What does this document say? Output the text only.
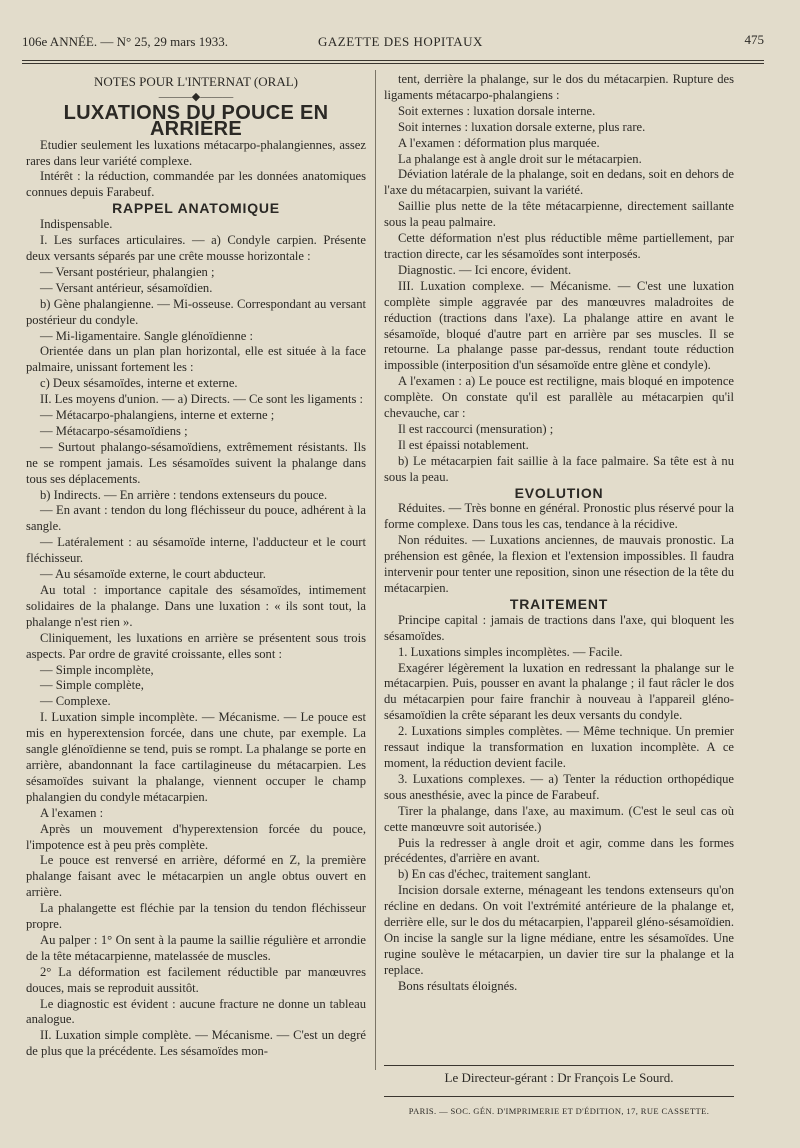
106e ANNÉE. — N° 25, 29 mars 1933.	GAZETTE DES HOPITAUX	475

NOTES POUR L'INTERNAT (ORAL)

———◆———

LUXATIONS DU POUCE EN ARRIÈRE

Etudier seulement les luxations métacarpo-phalangiennes, assez rares dans leur variété complexe.

Intérêt : la réduction, commandée par les données anatomiques connues depuis Farabeuf.

RAPPEL ANATOMIQUE

Indispensable.

I. Les surfaces articulaires. — a) Condyle carpien. Présente deux versants séparés par une crête mousse horizontale :

— Versant postérieur, phalangien ;

— Versant antérieur, sésamoïdien.

b) Gène phalangienne. — Mi-osseuse. Correspondant au versant postérieur du condyle.

— Mi-ligamentaire. Sangle glénoïdienne :

Orientée dans un plan plan horizontal, elle est située à la face palmaire, unissant fortement les :

c) Deux sésamoïdes, interne et externe.

II. Les moyens d'union. — a) Directs. — Ce sont les ligaments :

— Métacarpo-phalangiens, interne et externe ;

— Métacarpo-sésamoïdiens ;

— Surtout phalango-sésamoïdiens, extrêmement résistants. Ils ne se rompent jamais. Les sésamoïdes suivent la phalange dans tous ses déplacements.

b) Indirects. — En arrière : tendons extenseurs du pouce.

— En avant : tendon du long fléchisseur du pouce, adhérent à la sangle.

— Latéralement : au sésamoïde interne, l'adducteur et le court fléchisseur.

— Au sésamoïde externe, le court abducteur.

Au total : importance capitale des sésamoïdes, intimement solidaires de la phalange. Dans une luxation : « ils sont tout, la phalange n'est rien ».

Cliniquement, les luxations en arrière se présentent sous trois aspects. Par ordre de gravité croissante, elles sont :

— Simple incomplète,

— Simple complète,

— Complexe.

I. Luxation simple incomplète. — Mécanisme. — Le pouce est mis en hyperextension forcée, dans une chute, par exemple. La sangle glénoïdienne se tend, puis se rompt. La phalange se porte en arrière, abandonnant la face cartilagineuse du métacarpien. Les sésamoïdes suivant la phalange, viennent occuper le champ phalangien du condyle métacarpien.

A l'examen :

Après un mouvement d'hyperextension forcée du pouce, l'impotence est à peu près complète.

Le pouce est renversé en arrière, déformé en Z, la première phalange faisant avec le métacarpien un angle obtus ouvert en arrière.

La phalangette est fléchie par la tension du tendon fléchisseur propre.

Au palper : 1° On sent à la paume la saillie régulière et arrondie de la tête métacarpienne, matelassée de muscles.

2° La déformation est facilement réductible par manœuvres douces, mais se reproduit aussitôt.

Le diagnostic est évident : aucune fracture ne donne un tableau analogue.

II. Luxation simple complète. — Mécanisme. — C'est un degré de plus que la précédente. Les sésamoïdes mon-

tent, derrière la phalange, sur le dos du métacarpien. Rupture des ligaments métacarpo-phalangiens :

Soit externes : luxation dorsale interne.

Soit internes : luxation dorsale externe, plus rare.

A l'examen : déformation plus marquée.

La phalange est à angle droit sur le métacarpien.

Déviation latérale de la phalange, soit en dedans, soit en dehors de l'axe du métacarpien, suivant la variété.

Saillie plus nette de la tête métacarpienne, directement saillante sous la peau palmaire.

Cette déformation n'est plus réductible même partiellement, par traction directe, car les sésamoïdes sont interposés.

Diagnostic. — Ici encore, évident.

III. Luxation complexe. — Mécanisme. — C'est une luxation complète simple aggravée par des manœuvres maladroites de réduction (tractions dans l'axe). La phalange attire en avant le sésamoïde, bloqué d'autre part en arrière par ses muscles. Il se retourne. La phalange passe par-dessus, rendant toute réduction impossible (interposition d'un sésamoïde entre glène et condyle).

A l'examen : a) Le pouce est rectiligne, mais bloqué en impotence complète. On constate qu'il est parallèle au métacarpien qu'il chevauche, car :

Il est raccourci (mensuration) ;

Il est épaissi notablement.

b) Le métacarpien fait saillie à la face palmaire. Sa tête est à nu sous la peau.

EVOLUTION

Réduites. — Très bonne en général. Pronostic plus réservé pour la forme complexe. Dans tous les cas, tendance à la récidive.

Non réduites. — Luxations anciennes, de mauvais pronostic. La préhension est gênée, la flexion et l'extension impossibles. Il faudra intervenir pour tenter une reposition, sinon une résection de la tête du métacarpien.

TRAITEMENT

Principe capital : jamais de tractions dans l'axe, qui bloquent les sésamoïdes.

1. Luxations simples incomplètes. — Facile.

Exagérer légèrement la luxation en redressant la phalange sur le métacarpien. Puis, pousser en avant la phalange ; il faut râcler le dos du métacarpien pour faire franchir à nouveau à l'appareil gléno-sésamoïdien la crête séparant les deux versants du condyle.

2. Luxations simples complètes. — Même technique. Un premier ressaut indique la transformation en luxation incomplète. A ce moment, la réduction devient facile.

3. Luxations complexes. — a) Tenter la réduction orthopédique sous anesthésie, avec la pince de Farabeuf.

Tirer la phalange, dans l'axe, au maximum. (C'est le seul cas où cette manœuvre soit autorisée.)

Puis la redresser à angle droit et agir, comme dans les formes précédentes, d'arrière en avant.

b) En cas d'échec, traitement sanglant.

Incision dorsale externe, ménageant les tendons extenseurs qu'on récline en dedans. On voit l'extrémité antérieure de la phalange et, derrière elle, sur le dos du métacarpien, l'appareil gléno-sésamoïdien. On incise la sangle sur la ligne médiane, entre les sésamoïdes. Une rugine soulève le métacarpien, un davier tire sur la phalange et la replace.

Bons résultats éloignés.

Le Directeur-gérant : Dr François Le Sourd.

PARIS. — SOC. GÉN. D'IMPRIMERIE ET D'ÉDITION, 17, RUE CASSETTE.
